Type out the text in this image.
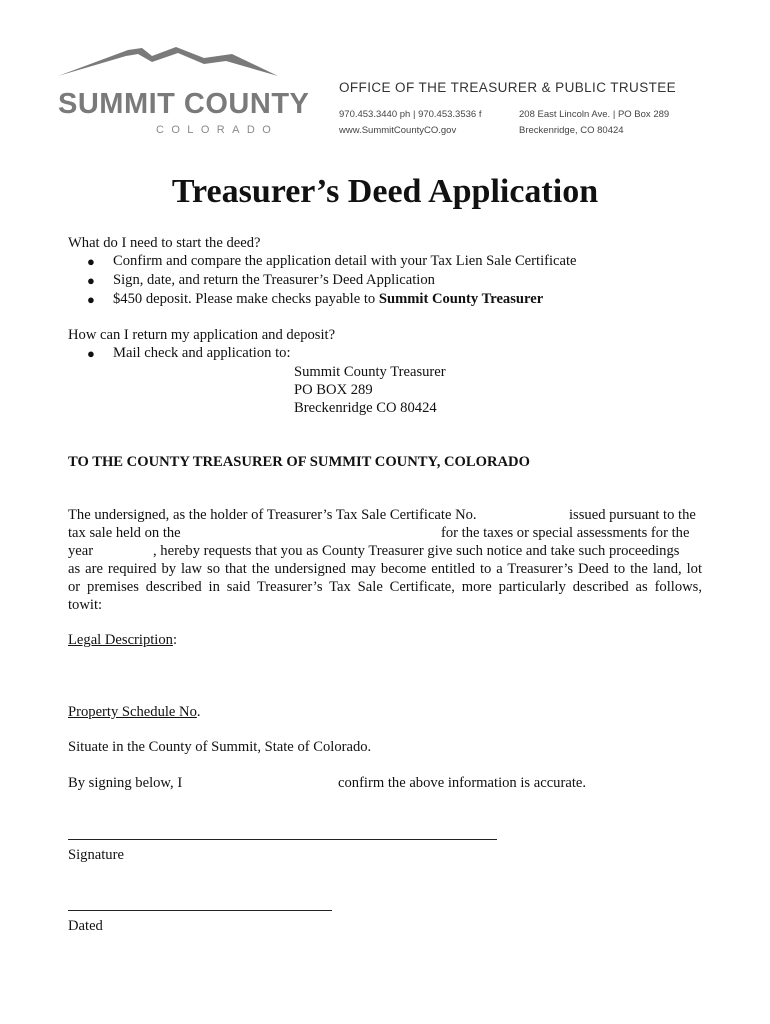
SUMMIT COUNTY
COLORADO
OFFICE OF THE TREASURER & PUBLIC TRUSTEE
970.453.3440 ph | 970.453.3536 f
www.SummitCountyCO.gov
208 East Lincoln Ave. | PO Box 289
Breckenridge, CO 80424
Treasurer’s Deed Application
What do I need to start the deed?
● Confirm and compare the application detail with your Tax Lien Sale Certificate
● Sign, date, and return the Treasurer’s Deed Application
● $450 deposit. Please make checks payable to Summit County Treasurer
How can I return my application and deposit?
● Mail check and application to:
Summit County Treasurer
PO BOX 289
Breckenridge CO 80424
TO THE COUNTY TREASURER OF SUMMIT COUNTY, COLORADO
The undersigned, as the holder of Treasurer’s Tax Sale Certificate No.	issued pursuant to the
tax sale held on the	for the taxes or special assessments for the
year	, hereby requests that you as County Treasurer give such notice and take such proceedings
as are required by law so that the undersigned may become entitled to a Treasurer’s Deed to the land, lot
or premises described in said Treasurer’s Tax Sale Certificate, more particularly described as follows,
towit:
Legal Description:
Property Schedule No.
Situate in the County of Summit, State of Colorado.
By signing below, I	confirm the above information is accurate.
Signature
Dated
